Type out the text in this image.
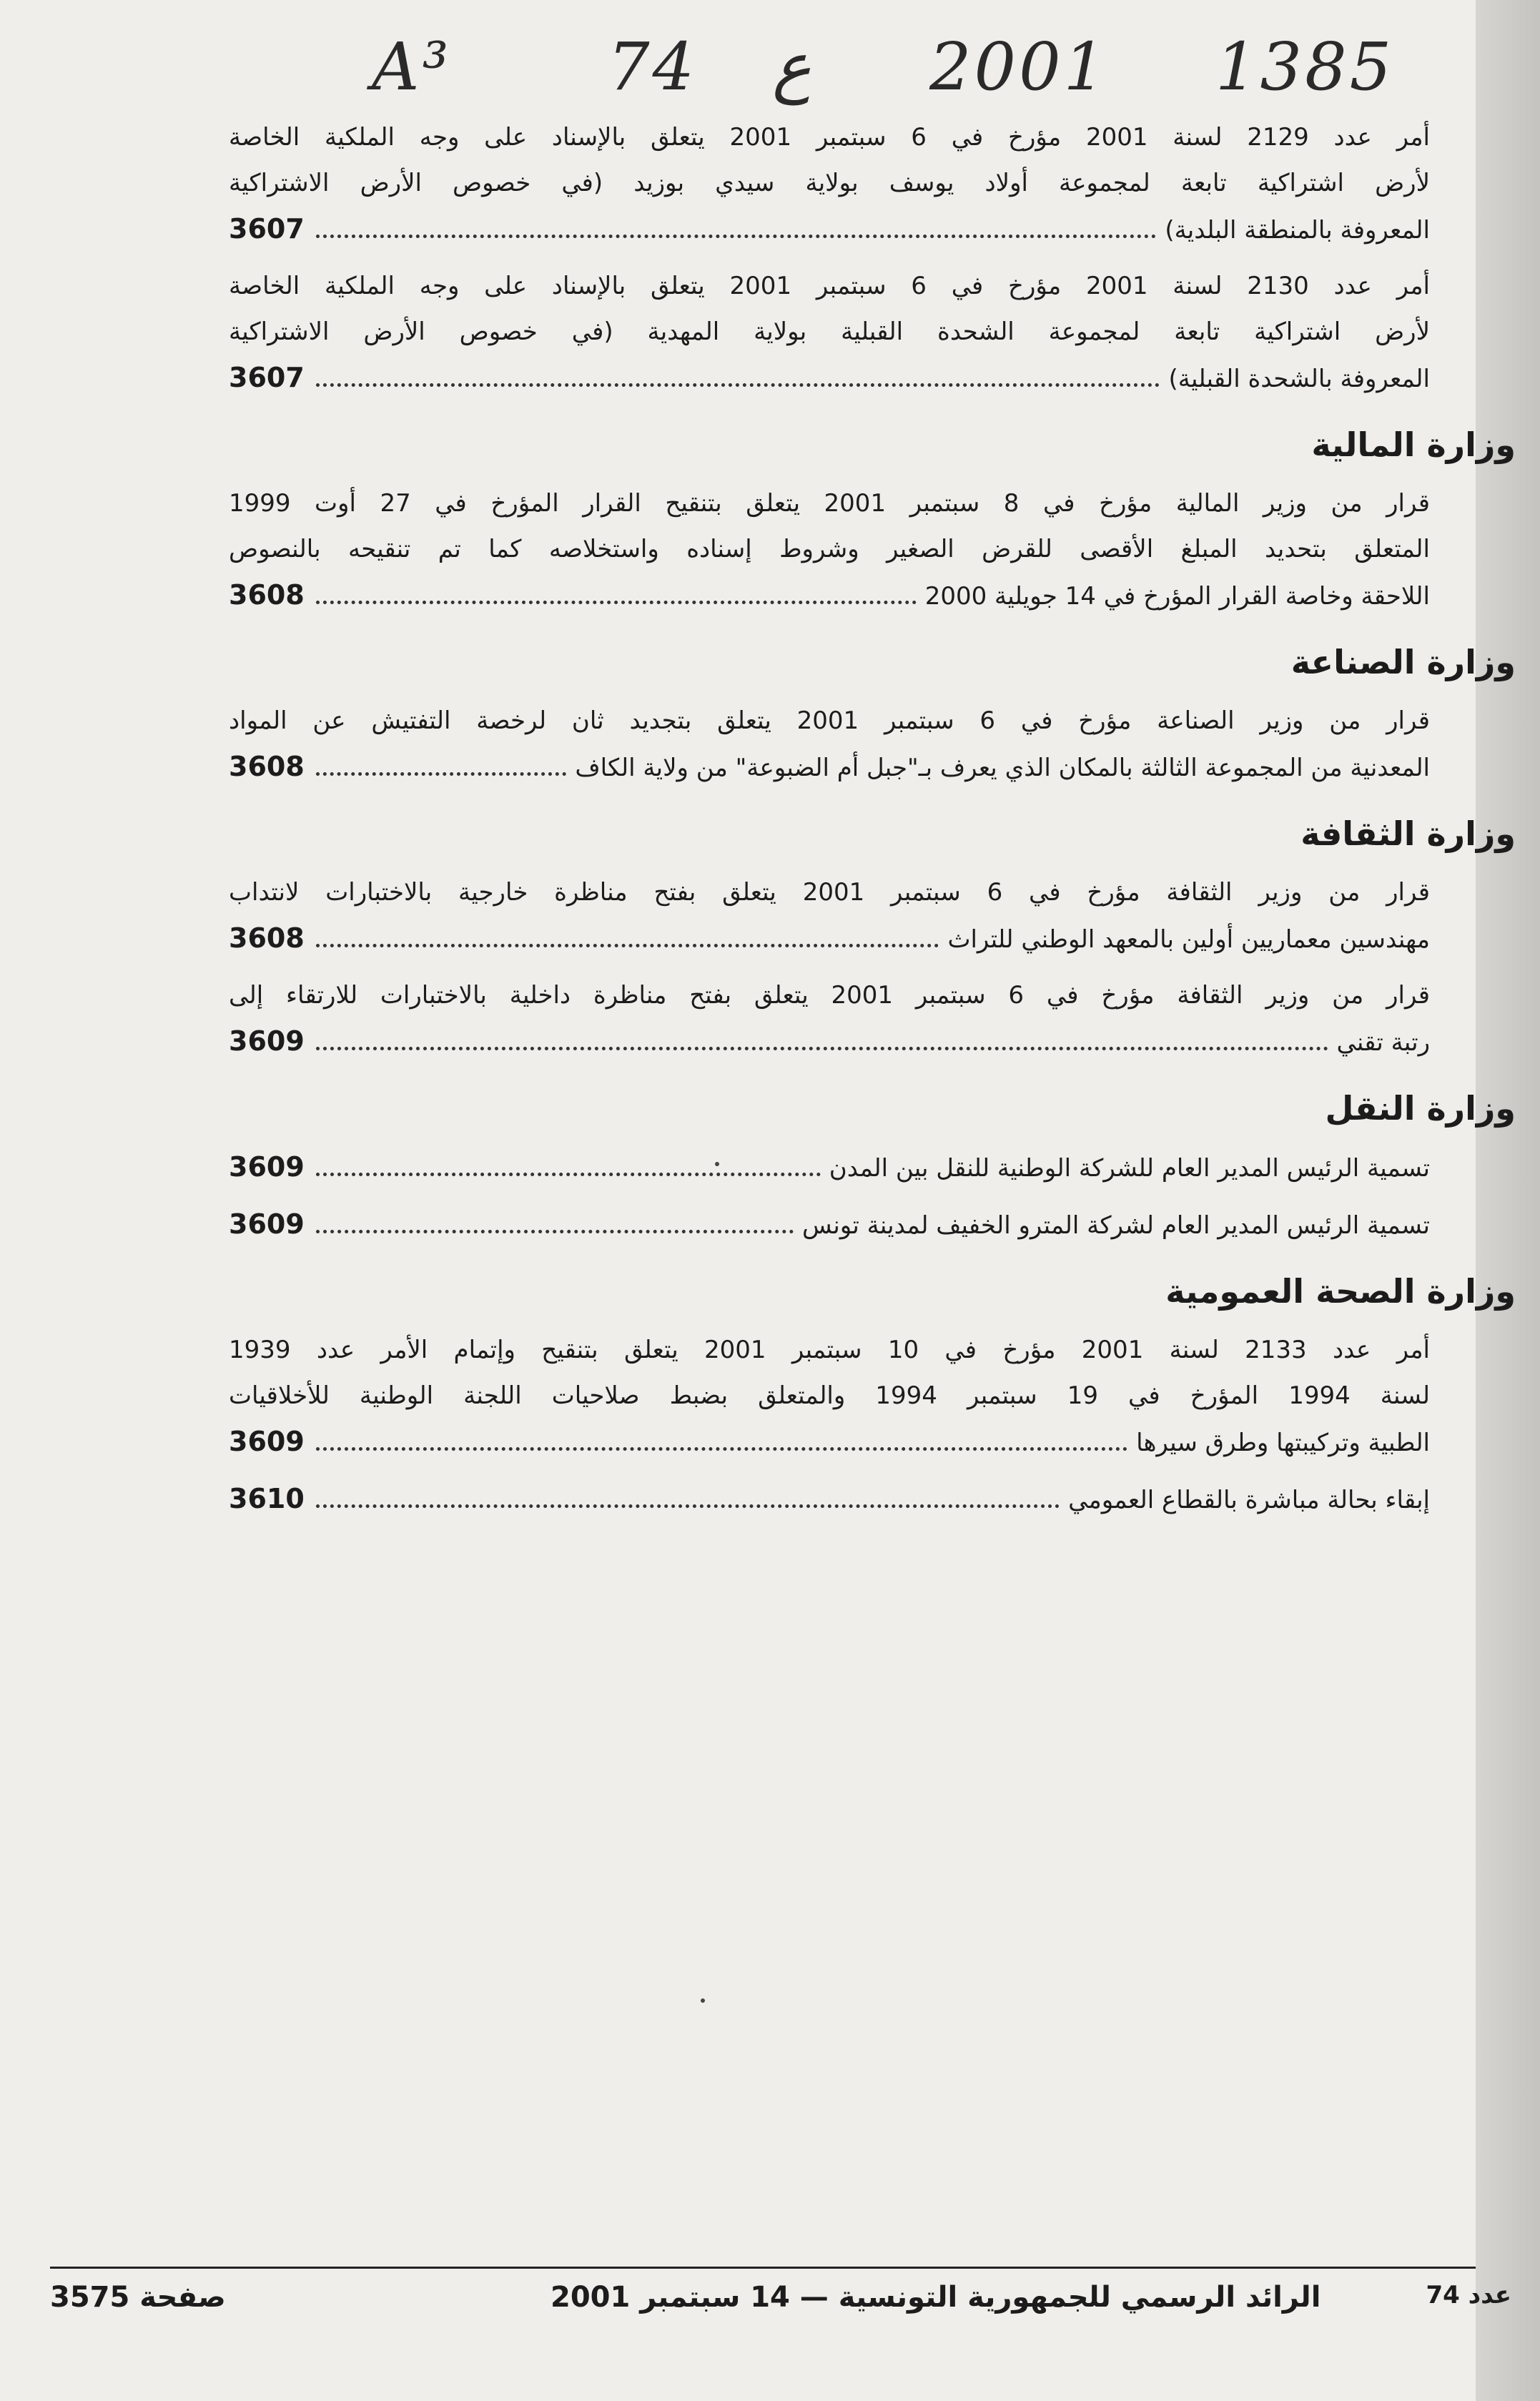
A³ 74 ع 2001 1385
أمر عدد 2129 لسنة 2001 مؤرخ في 6 سبتمبر 2001 يتعلق بالإسناد على وجه الملكية الخاصة
لأرض اشتراكية تابعة لمجموعة أولاد يوسف بولاية سيدي بوزيد (في خصوص الأرض الاشتراكية
المعروفة بالمنطقة البلدية)
3607
أمر عدد 2130 لسنة 2001 مؤرخ في 6 سبتمبر 2001 يتعلق بالإسناد على وجه الملكية الخاصة
لأرض اشتراكية تابعة لمجموعة الشحدة القبلية بولاية المهدية (في خصوص الأرض الاشتراكية
المعروفة بالشحدة القبلية)
3607
وزارة المالية
قرار من وزير المالية مؤرخ في 8 سبتمبر 2001 يتعلق بتنقيح القرار المؤرخ في 27 أوت 1999
المتعلق بتحديد المبلغ الأقصى للقرض الصغير وشروط إسناده واستخلاصه كما تم تنقيحه بالنصوص
اللاحقة وخاصة القرار المؤرخ في 14 جويلية 2000
3608
وزارة الصناعة
قرار من وزير الصناعة مؤرخ في 6 سبتمبر 2001 يتعلق بتجديد ثان لرخصة التفتيش عن المواد
المعدنية من المجموعة الثالثة بالمكان الذي يعرف بـ"جبل أم الضبوعة" من ولاية الكاف
3608
وزارة الثقافة
قرار من وزير الثقافة مؤرخ في 6 سبتمبر 2001 يتعلق بفتح مناظرة خارجية بالاختبارات لانتداب
مهندسين معماريين أولين بالمعهد الوطني للتراث
3608
قرار من وزير الثقافة مؤرخ في 6 سبتمبر 2001 يتعلق بفتح مناظرة داخلية بالاختبارات للارتقاء إلى
رتبة تقني
3609
وزارة النقل
تسمية الرئيس المدير العام للشركة الوطنية للنقل بين المدن
3609
تسمية الرئيس المدير العام لشركة المترو الخفيف لمدينة تونس
3609
وزارة الصحة العمومية
أمر عدد 2133 لسنة 2001 مؤرخ في 10 سبتمبر 2001 يتعلق بتنقيح وإتمام الأمر عدد 1939
لسنة 1994 المؤرخ في 19 سبتمبر 1994 والمتعلق بضبط صلاحيات اللجنة الوطنية للأخلاقيات
الطبية وتركيبتها وطرق سيرها
3609
إبقاء بحالة مباشرة بالقطاع العمومي
3610
صفحة 3575	الرائد الرسمي للجمهورية التونسية — 14 سبتمبر 2001	عدد 74
